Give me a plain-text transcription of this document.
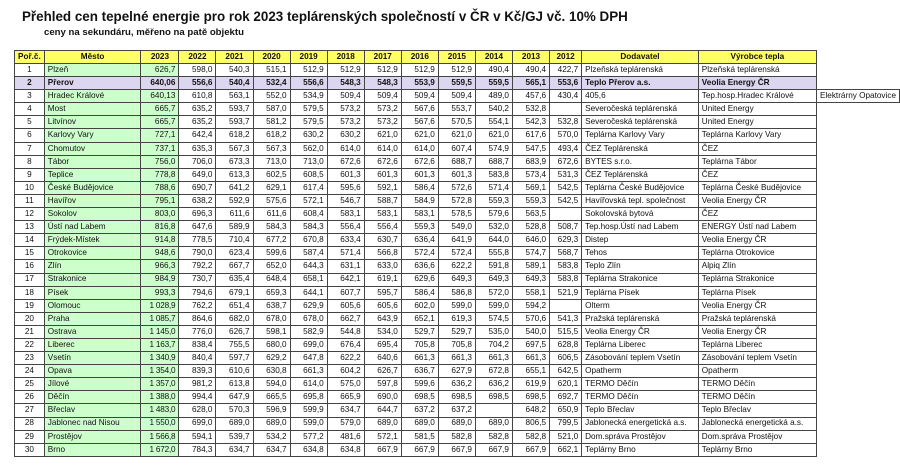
Přehled cen tepelné energie pro rok 2023 teplárenských společností v ČR v Kč/GJ vč. 10% DPH
ceny na sekundáru, měřeno na patě objektu
Poř.č.	Město	2023	2022	2021	2020	2019	2018	2017	2016	2015	2014	2013	2012	Dodavatel	Výrobce tepla	
1	Plzeň	626,7	598,0	540,3	515,1	512,9	512,9	512,9	512,9	512,9	490,4	490,4	422,7	Plzeňská teplárenská	Plzeňská teplárenská	
2	Přerov	640,06	556,6	540,4	532,4	556,6	548,3	548,3	553,9	559,5	559,5	565,1	553,6	Teplo Přerov a.s.	Veolia Energy ČR	
3	Hradec Králové	640,13	610,8	563,1	552,0	534,9	509,4	509,4	509,4	509,4	489,0	457,6	430,4	405,6	Tep.hosp.Hradec Králové	Elektrárny Opatovice
4	Most	665,7	635,2	593,7	587,0	579,5	573,2	573,2	567,6	553,7	540,2	532,8		Severočeská teplárenská	United Energy	
5	Litvínov	665,7	635,2	593,7	581,2	579,5	573,2	573,2	567,6	570,5	554,1	542,3	532,8	Severočeská teplárenská	United Energy	
6	Karlovy Vary	727,1	642,4	618,2	618,2	630,2	630,2	621,0	621,0	621,0	621,0	617,6	570,0	Teplárna Karlovy Vary	Teplárna Karlovy Vary	
7	Chomutov	737,1	635,3	567,3	567,3	562,0	614,0	614,0	614,0	607,4	574,9	547,5	493,4	ČEZ Teplárenská	ČEZ	
8	Tábor	756,0	706,0	673,3	713,0	713,0	672,6	672,6	672,6	688,7	688,7	683,9	672,6	BYTES s.r.o.	Teplárna Tábor	
9	Teplice	778,8	649,0	613,3	602,5	608,5	601,3	601,3	601,3	601,3	583,8	573,4	531,3	ČEZ Teplárenská	ČEZ	
10	České Budějovice	788,6	690,7	641,2	629,1	617,4	595,6	592,1	586,4	572,6	571,4	569,1	542,5	Teplárna České Budějovice	Teplárna České Budějovice	
11	Havířov	795,1	638,2	592,9	575,6	572,1	546,7	588,7	584,9	572,8	559,3	559,3	542,5	Havířovská tepl. společnost	Veolia Energy ČR	
12	Sokolov	803,0	696,3	611,6	611,6	608,4	583,1	583,1	583,1	578,5	579,6	563,5		Sokolovská bytová	ČEZ	
13	Ústí nad Labem	816,8	647,6	589,9	584,3	584,3	556,4	556,4	559,3	549,0	532,0	528,8	508,7	Tep.hosp.Ústí nad Labem	ENERGY Ústí nad Labem	
14	Frýdek-Místek	914,8	778,5	710,4	677,2	670,8	633,4	630,7	636,4	641,9	644,0	646,0	629,3	Distep	Veolia Energy ČR	
15	Otrokovice	948,6	790,0	623,4	599,6	587,4	571,4	566,8	572,4	572,4	555,8	574,7	568,7	Tehos	Teplárna Otrokovice	
16	Zlín	966,3	792,2	667,7	652,0	644,3	631,1	633,0	636,6	622,2	591,8	589,1	583,8	Teplo Zlín	Alpiq Zlín	
17	Strakonice	984,9	730,7	635,4	648,4	658,1	642,1	619,1	629,6	649,3	649,3	649,3	583,8	Teplárna Strakonice	Teplárna Strakonice	
18	Písek	993,3	794,6	679,1	659,3	644,1	607,7	595,7	586,4	586,8	572,0	558,1	521,9	Teplárna Písek	Teplárna Písek	
19	Olomouc	1 028,9	762,2	651,4	638,7	629,9	605,6	605,6	602,0	599,0	599,0	594,2		Olterm	Veolia Energy ČR	
20	Praha	1 085,7	864,6	682,0	678,0	678,0	662,7	643,9	652,1	619,3	574,5	570,6	541,3	Pražská teplárenská	Pražská teplárenská	
21	Ostrava	1 145,0	776,0	626,7	598,1	582,9	544,8	534,0	529,7	529,7	535,0	540,0	515,5	Veolia Energy ČR	Veolia Energy ČR	
22	Liberec	1 163,7	838,4	755,5	680,0	699,0	676,4	695,4	705,8	705,8	704,2	697,5	628,8	Teplárna Liberec	Teplárna Liberec	
23	Vsetín	1 340,9	840,4	597,7	629,2	647,8	622,2	640,6	661,3	661,3	661,3	661,3	606,5	Zásobování teplem Vsetín	Zásobování teplem Vsetín	
24	Opava	1 354,0	839,3	610,6	630,8	661,3	604,2	626,7	636,7	627,9	672,8	655,1	642,5	Opatherm	Opatherm	
25	Jílové	1 357,0	981,2	613,8	594,0	614,0	575,0	597,8	599,6	636,2	636,2	619,9	620,1	TERMO Děčín	TERMO Děčín	
26	Děčín	1 388,0	994,4	647,9	665,5	695,8	665,9	690,0	698,5	698,5	698,5	698,5	692,7	TERMO Děčín	TERMO Děčín	
27	Břeclav	1 483,0	628,0	570,3	596,9	599,9	634,7	644,7	637,2	637,2		648,2	650,9	Teplo Břeclav	Teplo Břeclav	
28	Jablonec nad Nisou	1 550,0	699,0	689,0	689,0	599,0	579,0	689,0	689,0	689,0	689,0	806,5	799,5	Jablonecká energetická a.s.	Jablonecká energetická a.s.	
29	Prostějov	1 566,8	594,1	539,7	534,2	577,2	481,6	572,1	581,5	582,8	582,8	582,8	521,0	Dom.správa Prostějov	Dom.správa Prostějov	
30	Brno	1 672,0	784,3	634,7	634,7	634,8	634,8	667,9	667,9	667,9	667,9	667,9	662,1	Teplárny Brno	Teplárny Brno	
